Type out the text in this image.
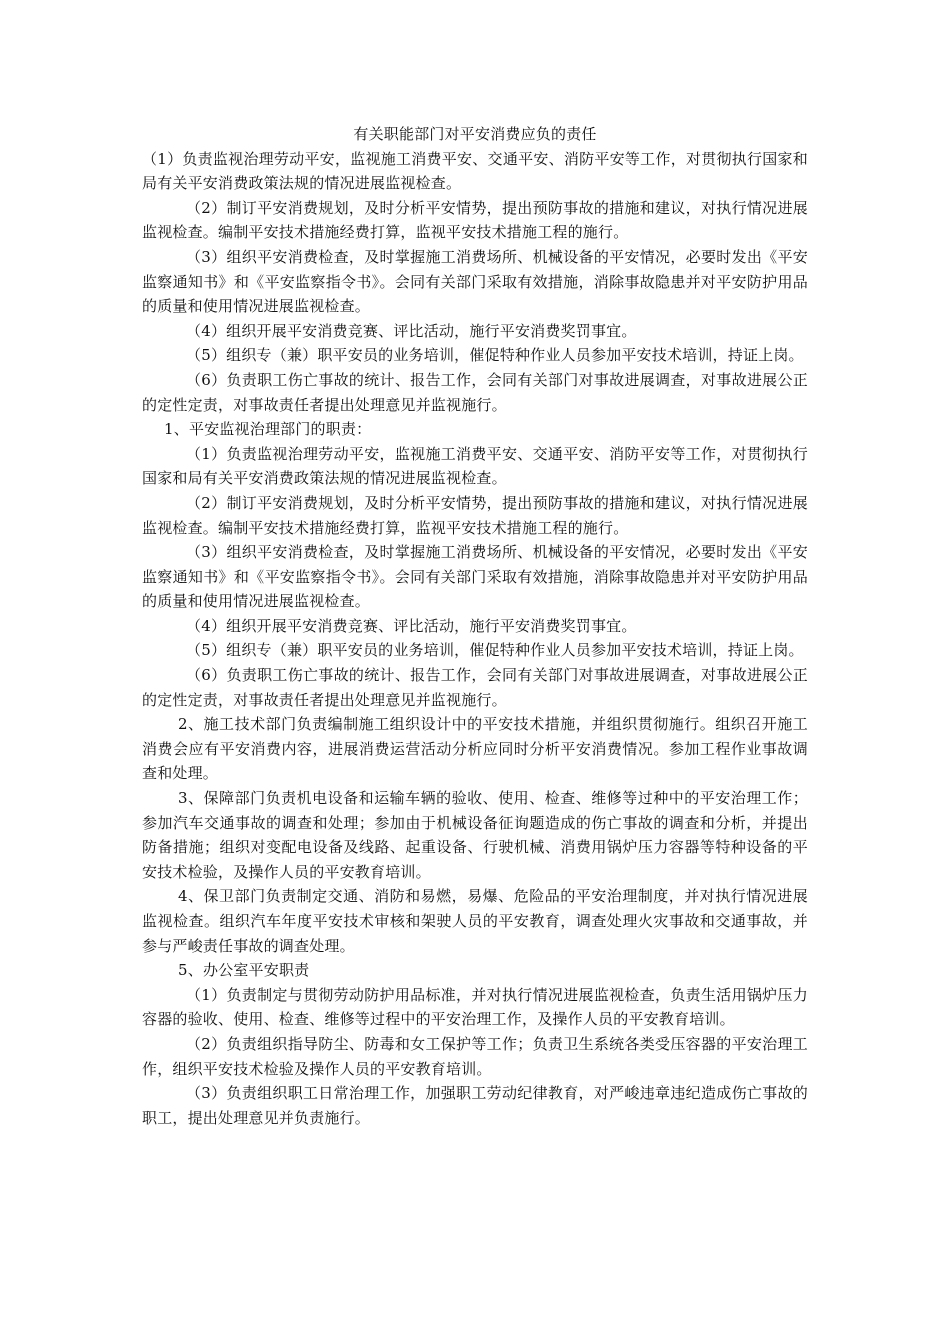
有关职能部门对平安消费应负的责任

（1）负责监视治理劳动平安，监视施工消费平安、交通平安、消防平安等工作，对贯彻执行国家和局有关平安消费政策法规的情况进展监视检查。

（2）制订平安消费规划，及时分析平安情势，提出预防事故的措施和建议，对执行情况进展监视检查。编制平安技术措施经费打算，监视平安技术措施工程的施行。

（3）组织平安消费检查，及时掌握施工消费场所、机械设备的平安情况，必要时发出《平安监察通知书》和《平安监察指令书》。会同有关部门采取有效措施，消除事故隐患并对平安防护用品的质量和使用情况进展监视检查。

（4）组织开展平安消费竞赛、评比活动，施行平安消费奖罚事宜。

（5）组织专（兼）职平安员的业务培训，催促特种作业人员参加平安技术培训，持证上岗。

（6）负责职工伤亡事故的统计、报告工作，会同有关部门对事故进展调查，对事故进展公正的定性定责，对事故责任者提出处理意见并监视施行。

1、平安监视治理部门的职责：

（1）负责监视治理劳动平安，监视施工消费平安、交通平安、消防平安等工作，对贯彻执行国家和局有关平安消费政策法规的情况进展监视检查。

（2）制订平安消费规划，及时分析平安情势，提出预防事故的措施和建议，对执行情况进展监视检查。编制平安技术措施经费打算，监视平安技术措施工程的施行。

（3）组织平安消费检查，及时掌握施工消费场所、机械设备的平安情况，必要时发出《平安监察通知书》和《平安监察指令书》。会同有关部门采取有效措施，消除事故隐患并对平安防护用品的质量和使用情况进展监视检查。

（4）组织开展平安消费竞赛、评比活动，施行平安消费奖罚事宜。

（5）组织专（兼）职平安员的业务培训，催促特种作业人员参加平安技术培训，持证上岗。

（6）负责职工伤亡事故的统计、报告工作，会同有关部门对事故进展调查，对事故进展公正的定性定责，对事故责任者提出处理意见并监视施行。

2、施工技术部门负责编制施工组织设计中的平安技术措施，并组织贯彻施行。组织召开施工消费会应有平安消费内容，进展消费运营活动分析应同时分析平安消费情况。参加工程作业事故调查和处理。

3、保障部门负责机电设备和运输车辆的验收、使用、检查、维修等过种中的平安治理工作；参加汽车交通事故的调查和处理；参加由于机械设备征询题造成的伤亡事故的调查和分析，并提出防备措施；组织对变配电设备及线路、起重设备、行驶机械、消费用锅炉压力容器等特种设备的平安技术检验，及操作人员的平安教育培训。

4、保卫部门负责制定交通、消防和易燃，易爆、危险品的平安治理制度，并对执行情况进展监视检查。组织汽车年度平安技术审核和架驶人员的平安教育，调查处理火灾事故和交通事故，并参与严峻责任事故的调查处理。

5、办公室平安职责

（1）负责制定与贯彻劳动防护用品标准，并对执行情况进展监视检查，负责生活用锅炉压力容器的验收、使用、检查、维修等过程中的平安治理工作，及操作人员的平安教育培训。

（2）负责组织指导防尘、防毒和女工保护等工作；负责卫生系统各类受压容器的平安治理工作，组织平安技术检验及操作人员的平安教育培训。

（3）负责组织职工日常治理工作，加强职工劳动纪律教育，对严峻违章违纪造成伤亡事故的职工，提出处理意见并负责施行。
